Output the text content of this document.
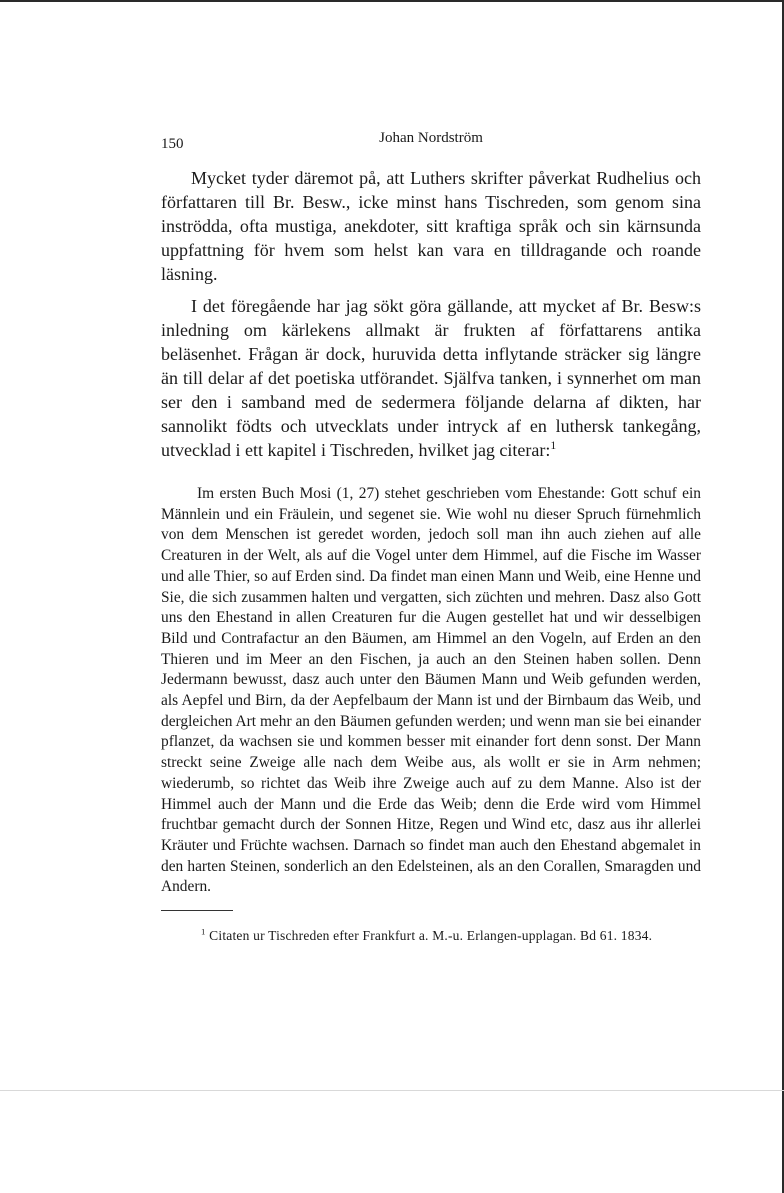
150	Johan Nordström

Mycket tyder däremot på, att Luthers skrifter påverkat Rudhelius och författaren till Br. Besw., icke minst hans Tischreden, som genom sina inströdda, ofta mustiga, anekdoter, sitt kraftiga språk och sin kärnsunda uppfattning för hvem som helst kan vara en tilldragande och roande läsning.

I det föregående har jag sökt göra gällande, att mycket af Br. Besw:s inledning om kärlekens allmakt är frukten af författarens antika beläsenhet. Frågan är dock, huruvida detta inflytande sträcker sig längre än till delar af det poetiska utförandet. Själfva tanken, i synnerhet om man ser den i samband med de sedermera följande delarna af dikten, har sannolikt födts och utvecklats under intryck af en luthersk tankegång, utvecklad i ett kapitel i Tischreden, hvilket jag citerar:$^1$

Im ersten Buch Mosi (1, 27) stehet geschrieben vom Ehestande: Gott schuf ein Männlein und ein Fräulein, und segenet sie. Wie wohl nu dieser Spruch fürnehmlich von dem Menschen ist geredet worden, jedoch soll man ihn auch ziehen auf alle Creaturen in der Welt, als auf die Vogel unter dem Himmel, auf die Fische im Wasser und alle Thier, so auf Erden sind. Da findet man einen Mann und Weib, eine Henne und Sie, die sich zusammen halten und vergatten, sich züchten und mehren. Dasz also Gott uns den Ehestand in allen Creaturen fur die Augen gestellet hat und wir desselbigen Bild und Contrafactur an den Bäumen, am Himmel an den Vogeln, auf Erden an den Thieren und im Meer an den Fischen, ja auch an den Steinen haben sollen. Denn Jedermann bewusst, dasz auch unter den Bäumen Mann und Weib gefunden werden, als Aepfel und Birn, da der Aepfelbaum der Mann ist und der Birnbaum das Weib, und dergleichen Art mehr an den Bäumen gefunden werden; und wenn man sie bei einander pflanzet, da wachsen sie und kommen besser mit einander fort denn sonst. Der Mann streckt seine Zweige alle nach dem Weibe aus, als wollt er sie in Arm nehmen; wiederumb, so richtet das Weib ihre Zweige auch auf zu dem Manne. Also ist der Himmel auch der Mann und die Erde das Weib; denn die Erde wird vom Himmel fruchtbar gemacht durch der Sonnen Hitze, Regen und Wind etc, dasz aus ihr allerlei Kräuter und Früchte wachsen. Darnach so findet man auch den Ehestand abgemalet in den harten Steinen, sonderlich an den Edelsteinen, als an den Corallen, Smaragden und Andern.
$^1$ Citaten ur Tischreden efter Frankfurt a. M.-u. Erlangen-upplagan. Bd 61. 1834.
